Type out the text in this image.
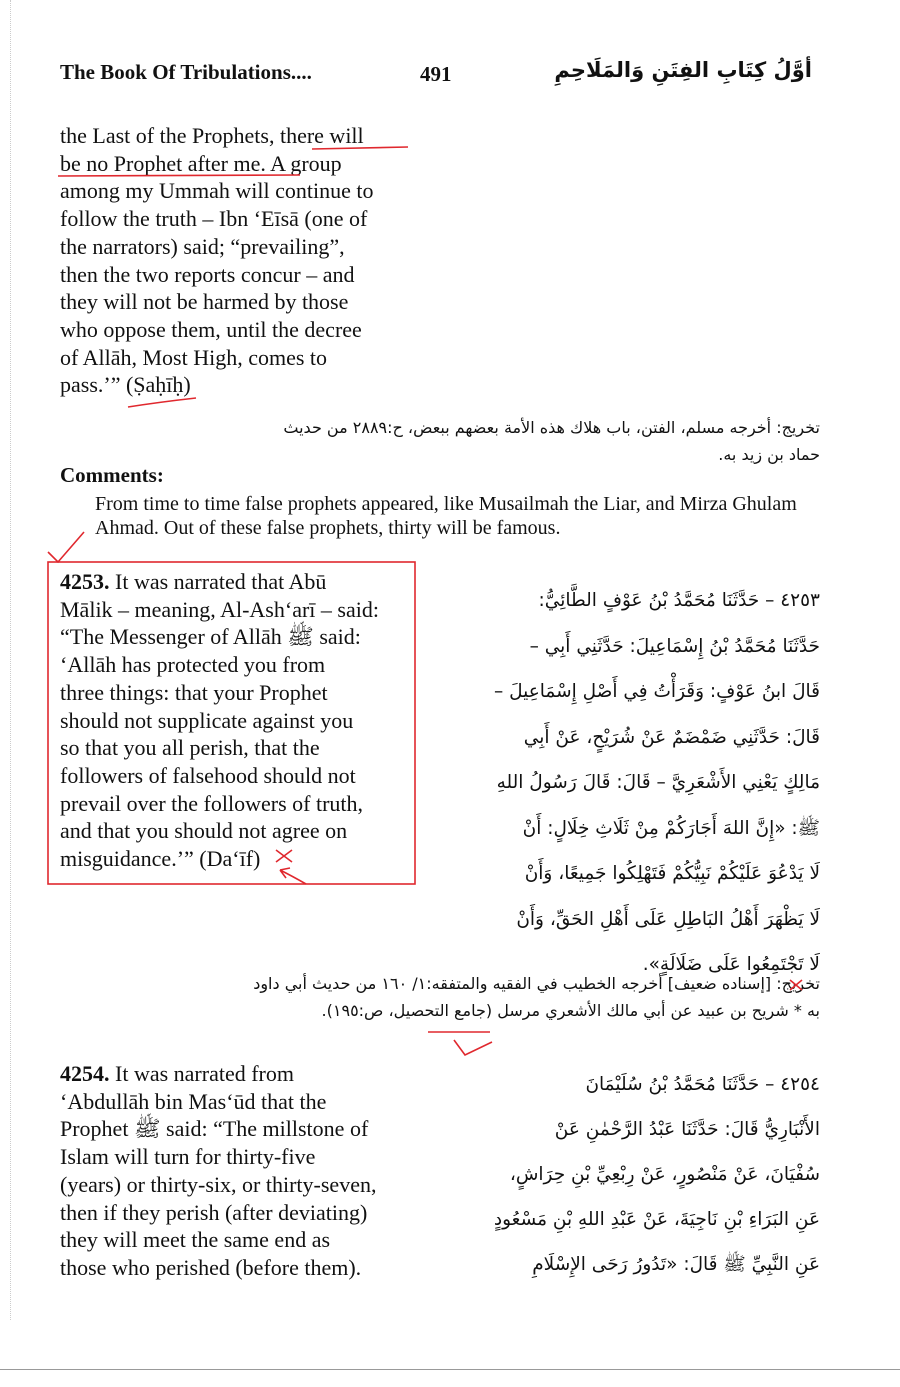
The Book Of Tribulations....	491	أوَّلُ كِتَابِ الفِتَنِ وَالمَلَاحِمِ
the Last of the Prophets, there will
be no Prophet after me. A group
among my Ummah will continue to
follow the truth – Ibn ‘Eīsā (one of
the narrators) said; “prevailing”,
then the two reports concur – and
they will not be harmed by those
who oppose them, until the decree
of Allāh, Most High, comes to
pass.’” (Ṣaḥīḥ)
تخريج: أخرجه مسلم، الفتن، باب هلاك هذه الأمة بعضهم ببعض، ح:٢٨٨٩ من حديث
حماد بن زيد به.
Comments:
From time to time false prophets appeared, like Musailmah the Liar, and Mirza Ghulam Ahmad. Out of these false prophets, thirty will be famous.
4253. It was narrated that Abū
Mālik – meaning, Al-Ash‘arī – said:
“The Messenger of Allāh ﷺ said:
‘Allāh has protected you from
three things: that your Prophet
should not supplicate against you
so that you all perish, that the
followers of falsehood should not
prevail over the followers of truth,
and that you should not agree on
misguidance.’” (Da‘īf)
٤٢٥٣ – حَدَّثَنَا مُحَمَّدُ بْنُ عَوْفٍ الطَّائِيُّ:
حَدَّثَنَا مُحَمَّدُ بْنُ إِسْمَاعِيلَ: حَدَّثَنِي أَبِي –
قَالَ ابنُ عَوْفٍ: وَقَرَأْتُ فِي أَصْلِ إِسْمَاعِيلَ –
قَالَ: حَدَّثَنِي ضَمْضَمٌ عَنْ شُرَيْحٍ، عَنْ أَبِي
مَالِكٍ يَعْنِي الأَشْعَرِيَّ – قَالَ: قَالَ رَسُولُ اللهِ
ﷺ: «إِنَّ اللهَ أَجَارَكُمْ مِنْ ثَلَاثِ خِلَالٍ: أَنْ
لَا يَدْعُوَ عَلَيْكُمْ نَبِيُّكُمْ فَتَهْلِكُوا جَمِيعًا، وَأَنْ
لَا يَظْهَرَ أَهْلُ البَاطِلِ عَلَى أَهْلِ الحَقِّ، وَأَنْ
لَا تَجْتَمِعُوا عَلَى ضَلَالَةٍ».
تخريج: [إسناده ضعيف] أخرجه الخطيب في الفقيه والمتفقه:١/ ١٦٠ من حديث أبي داود
به * شريح بن عبيد عن أبي مالك الأشعري مرسل (جامع التحصيل، ص:١٩٥).
4254. It was narrated from
‘Abdullāh bin Mas‘ūd that the
Prophet ﷺ said: “The millstone of
Islam will turn for thirty-five
(years) or thirty-six, or thirty-seven,
then if they perish (after deviating)
they will meet the same end as
those who perished (before them).
٤٢٥٤ – حَدَّثَنَا مُحَمَّدُ بْنُ سُلَيْمَانَ
الأَنْبَارِيُّ قَالَ: حَدَّثَنَا عَبْدُ الرَّحْمٰنِ عَنْ
سُفْيَانَ، عَنْ مَنْصُورٍ، عَنْ رِبْعِيِّ بْنِ حِرَاشٍ،
عَنِ البَرَاءِ بْنِ نَاجِيَةَ، عَنْ عَبْدِ اللهِ بْنِ مَسْعُودٍ
عَنِ النَّبِيِّ ﷺ قَالَ: «تَدُورُ رَحَى الإِسْلَامِ
